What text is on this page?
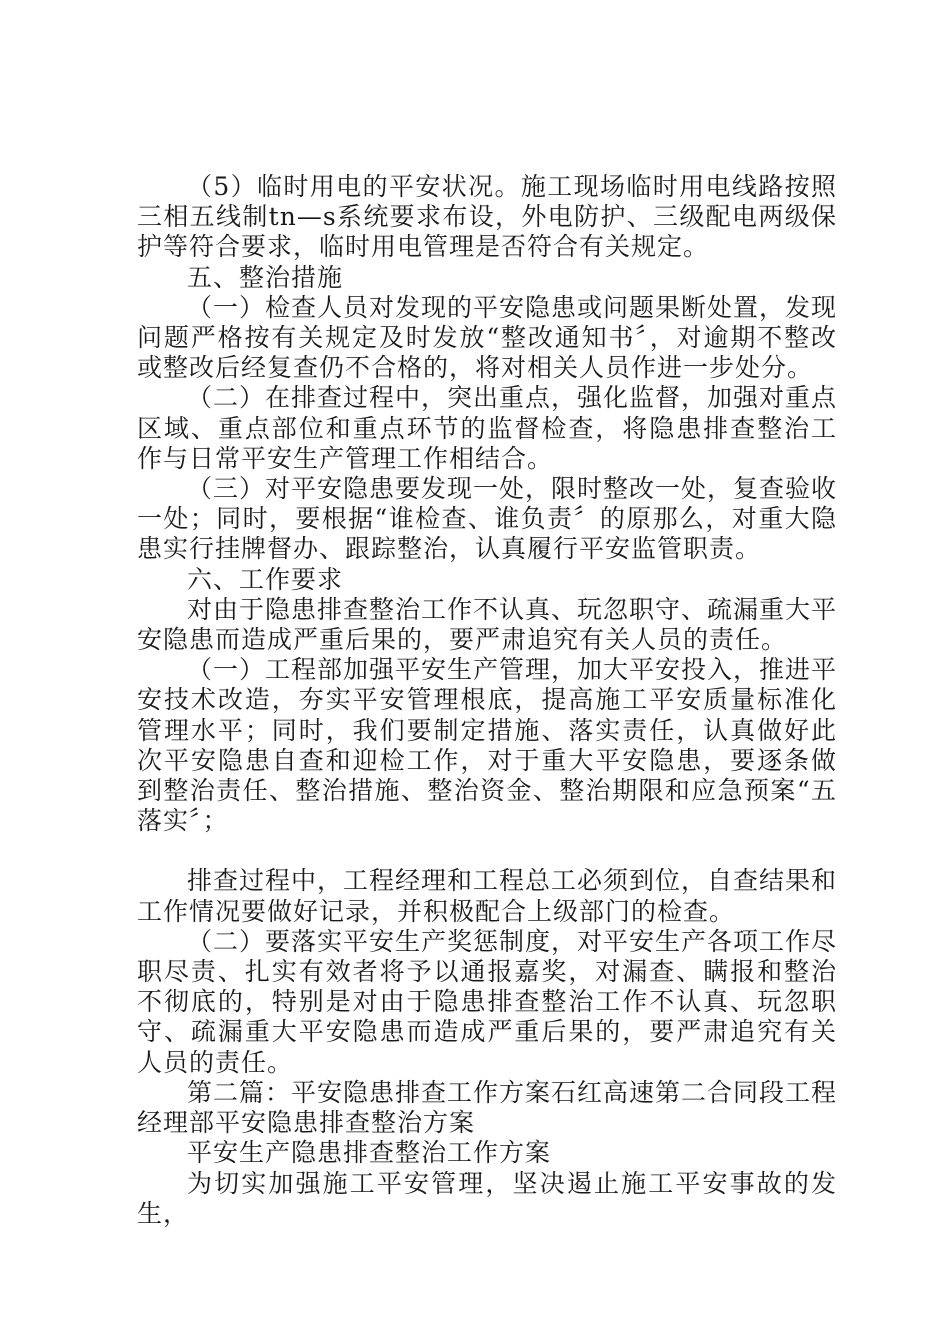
（5）临时用电的平安状况。施工现场临时用电线路按照三相五线制tn—s系统要求布设，外电防护、三级配电两级保护等符合要求，临时用电管理是否符合有关规定。

五、整治措施

（一）检查人员对发现的平安隐患或问题果断处置，发现问题严格按有关规定及时发放“整改通知书〞，对逾期不整改或整改后经复查仍不合格的，将对相关人员作进一步处分。

（二）在排查过程中，突出重点，强化监督，加强对重点区域、重点部位和重点环节的监督检查，将隐患排查整治工作与日常平安生产管理工作相结合。

（三）对平安隐患要发现一处，限时整改一处，复查验收一处；同时，要根据“谁检查、谁负责〞的原那么，对重大隐患实行挂牌督办、跟踪整治，认真履行平安监管职责。

六、工作要求

对由于隐患排查整治工作不认真、玩忽职守、疏漏重大平安隐患而造成严重后果的，要严肃追究有关人员的责任。

（一）工程部加强平安生产管理，加大平安投入，推进平安技术改造，夯实平安管理根底，提高施工平安质量标准化管理水平；同时，我们要制定措施、落实责任，认真做好此次平安隐患自查和迎检工作，对于重大平安隐患，要逐条做到整治责任、整治措施、整治资金、整治期限和应急预案“五落实〞；

排查过程中，工程经理和工程总工必须到位，自查结果和工作情况要做好记录，并积极配合上级部门的检查。

（二）要落实平安生产奖惩制度，对平安生产各项工作尽职尽责、扎实有效者将予以通报嘉奖，对漏查、瞒报和整治不彻底的，特别是对由于隐患排查整治工作不认真、玩忽职守、疏漏重大平安隐患而造成严重后果的，要严肃追究有关人员的责任。

第二篇：平安隐患排查工作方案石红高速第二合同段工程经理部平安隐患排查整治方案

平安生产隐患排查整治工作方案

为切实加强施工平安管理，坚决遏止施工平安事故的发生，
